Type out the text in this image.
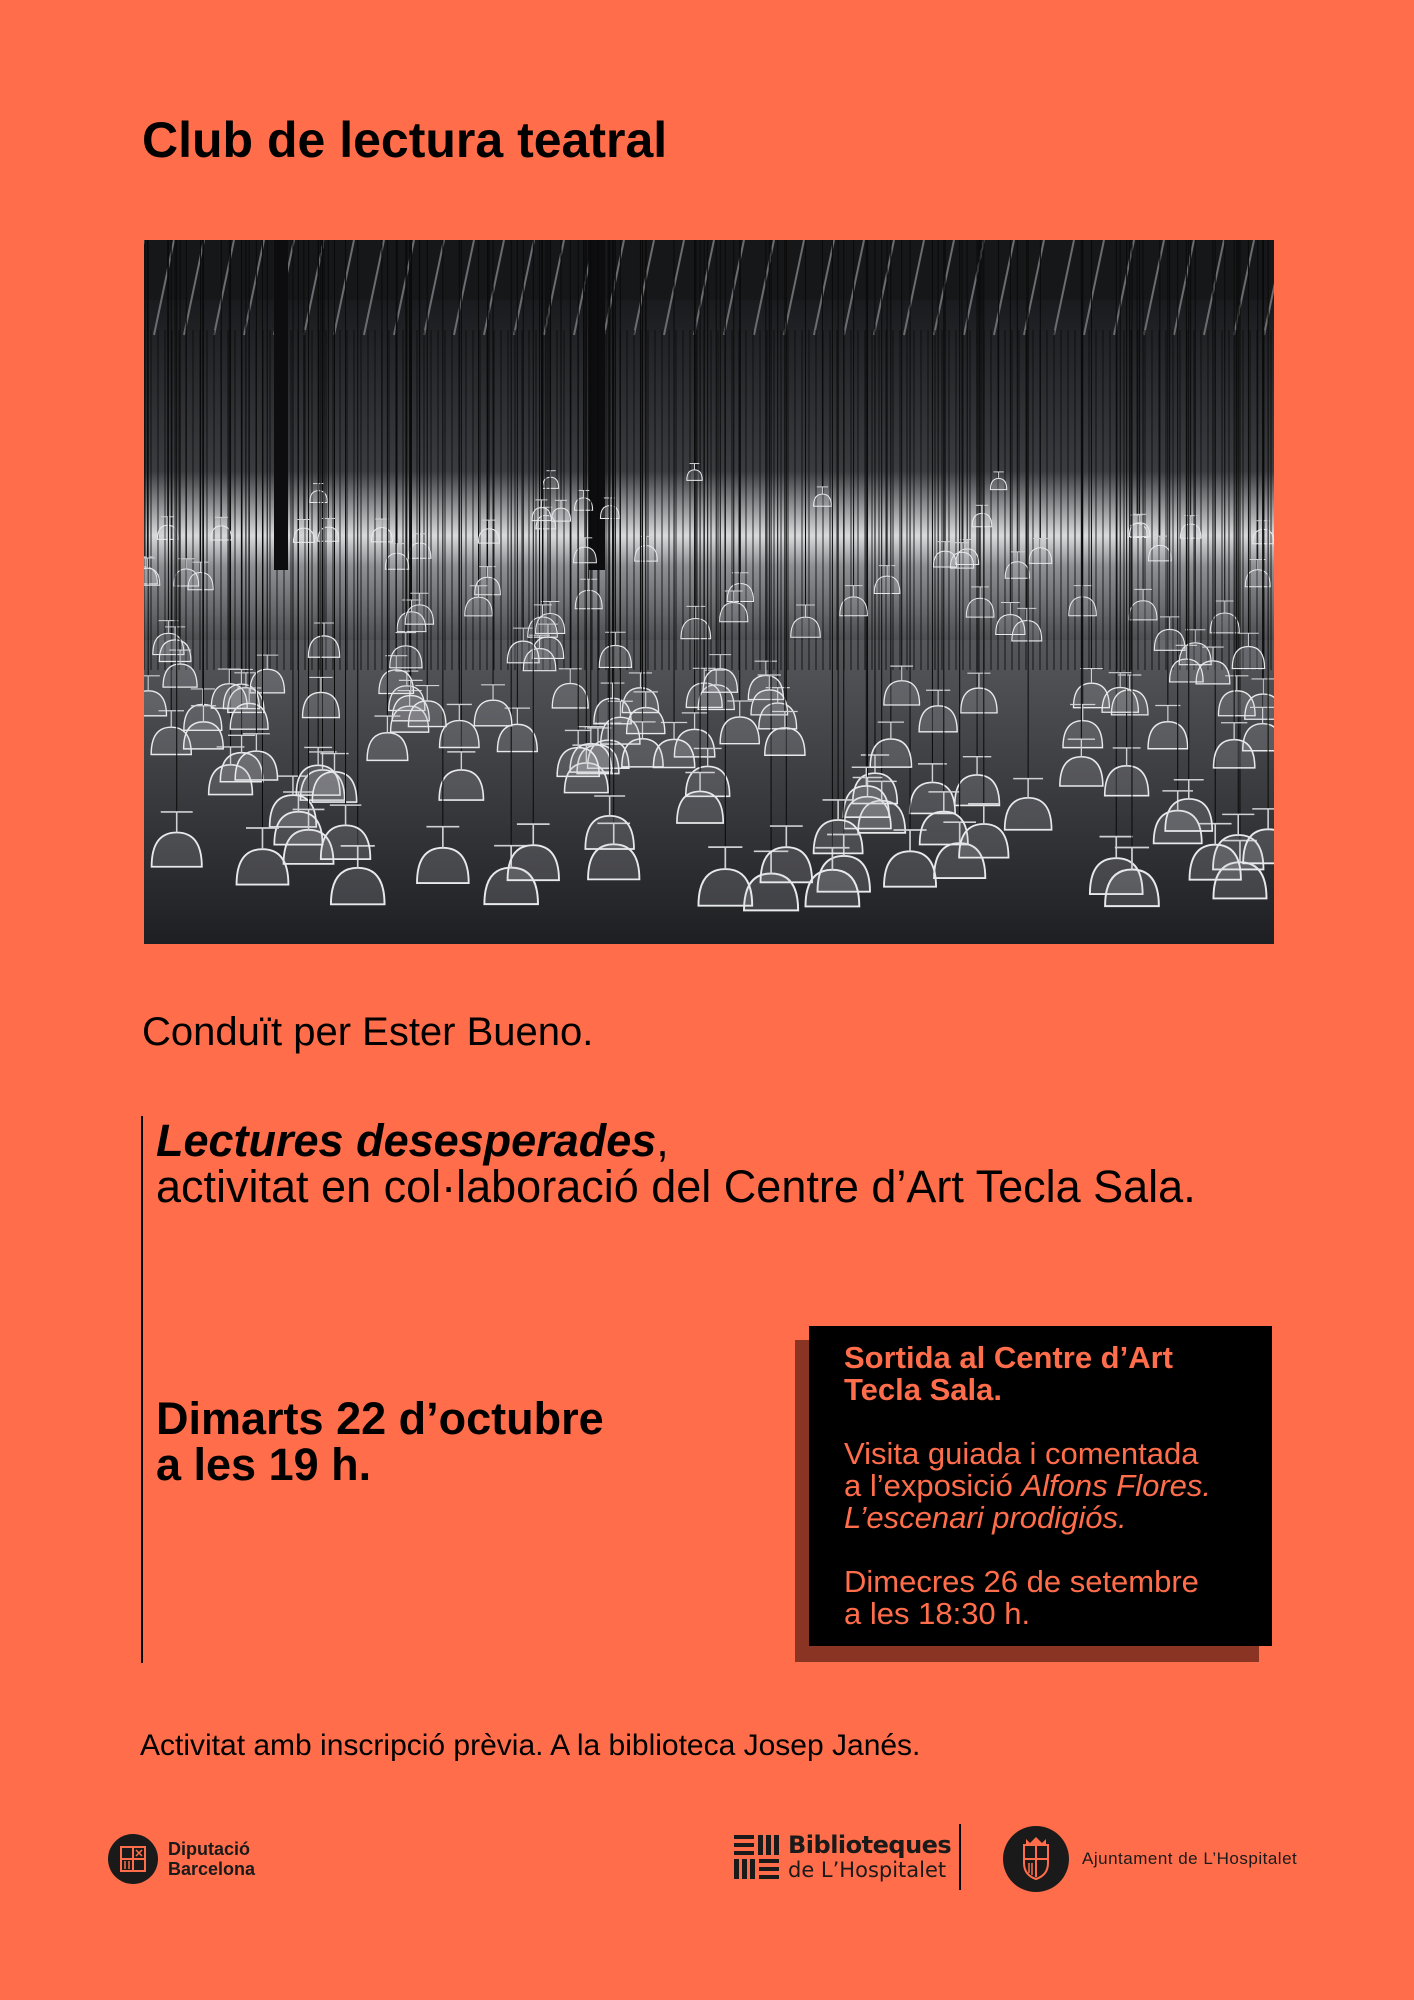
Club de lectura teatral
Conduït per Ester Bueno.
Lectures desesperades,
activitat en col·laboració del Centre d’Art Tecla Sala.
Dimarts 22 d’octubre
a les 19 h.
Sortida al Centre d’Art
Tecla Sala.
Visita guiada i comentada
a l’exposició Alfons Flores.
L’escenari prodigiós.
Dimecres 26 de setembre
a les 18:30 h.
Activitat amb inscripció prèvia. A la biblioteca Josep Janés.
Diputació
Barcelona
Biblioteques
de L’Hospitalet	Ajuntament de L’Hospitalet
